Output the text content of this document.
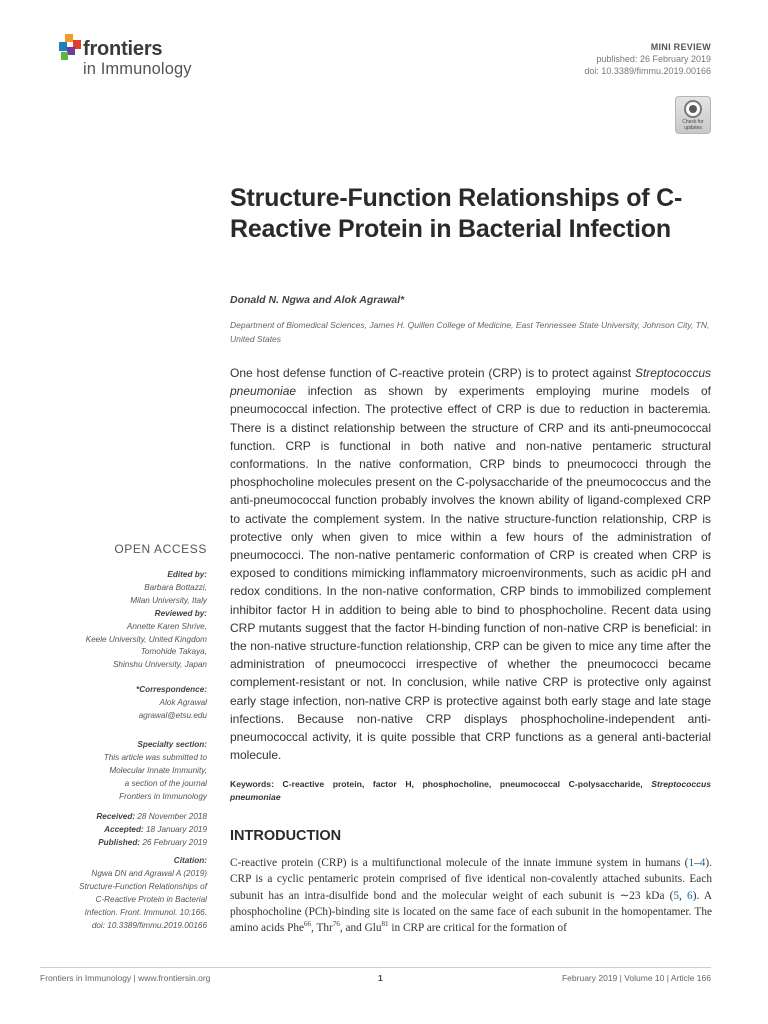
frontiers
in Immunology
MINI REVIEW
published: 26 February 2019
doi: 10.3389/fimmu.2019.00166
Check for updates
Structure-Function Relationships of C-Reactive Protein in Bacterial Infection
Donald N. Ngwa and Alok Agrawal*
Department of Biomedical Sciences, James H. Quillen College of Medicine, East Tennessee State University, Johnson City, TN, United States

One host defense function of C-reactive protein (CRP) is to protect against Streptococcus pneumoniae infection as shown by experiments employing murine models of pneumococcal infection. The protective effect of CRP is due to reduction in bacteremia. There is a distinct relationship between the structure of CRP and its anti-pneumococcal function. CRP is functional in both native and non-native pentameric structural conformations. In the native conformation, CRP binds to pneumococci through the phosphocholine molecules present on the C-polysaccharide of the pneumococcus and the anti-pneumococcal function probably involves the known ability of ligand-complexed CRP to activate the complement system. In the native structure-function relationship, CRP is protective only when given to mice within a few hours of the administration of pneumococci. The non-native pentameric conformation of CRP is created when CRP is exposed to conditions mimicking inflammatory microenvironments, such as acidic pH and redox conditions. In the non-native conformation, CRP binds to immobilized complement inhibitor factor H in addition to being able to bind to phosphocholine. Recent data using CRP mutants suggest that the factor H-binding function of non-native CRP is beneficial: in the non-native structure-function relationship, CRP can be given to mice any time after the administration of pneumococci irrespective of whether the pneumococci became complement-resistant or not. In conclusion, while native CRP is protective only against early stage infection, non-native CRP is protective against both early stage and late stage infections. Because non-native CRP displays phosphocholine-independent anti-pneumococcal activity, it is quite possible that CRP functions as a general anti-bacterial molecule.

Keywords: C-reactive protein, factor H, phosphocholine, pneumococcal C-polysaccharide, Streptococcus pneumoniae

INTRODUCTION

C-reactive protein (CRP) is a multifunctional molecule of the innate immune system in humans (1–4). CRP is a cyclic pentameric protein comprised of five identical non-covalently attached subunits. Each subunit has an intra-disulfide bond and the molecular weight of each subunit is ∼23 kDa (5, 6). A phosphocholine (PCh)-binding site is located on the same face of each subunit in the homopentamer. The amino acids Phe$^{66}$, Thr$^{76}$, and Glu$^{81}$ in CRP are critical for the formation of

OPEN ACCESS
Edited by:
Barbara Bottazzi,
Milan University, Italy
Reviewed by:
Annette Karen Shrive,
Keele University, United Kingdom
Tomohide Takaya,
Shinshu University, Japan
*Correspondence:
Alok Agrawal
agrawal@etsu.edu
Specialty section:
This article was submitted to
Molecular Innate Immunity,
a section of the journal
Frontiers in Immunology
Received: 28 November 2018
Accepted: 18 January 2019
Published: 26 February 2019
Citation:
Ngwa DN and Agrawal A (2019)
Structure-Function Relationships of
C-Reactive Protein in Bacterial
Infection. Front. Immunol. 10:166.
doi: 10.3389/fimmu.2019.00166
Frontiers in Immunology | www.frontiersin.org	1	February 2019 | Volume 10 | Article 166
